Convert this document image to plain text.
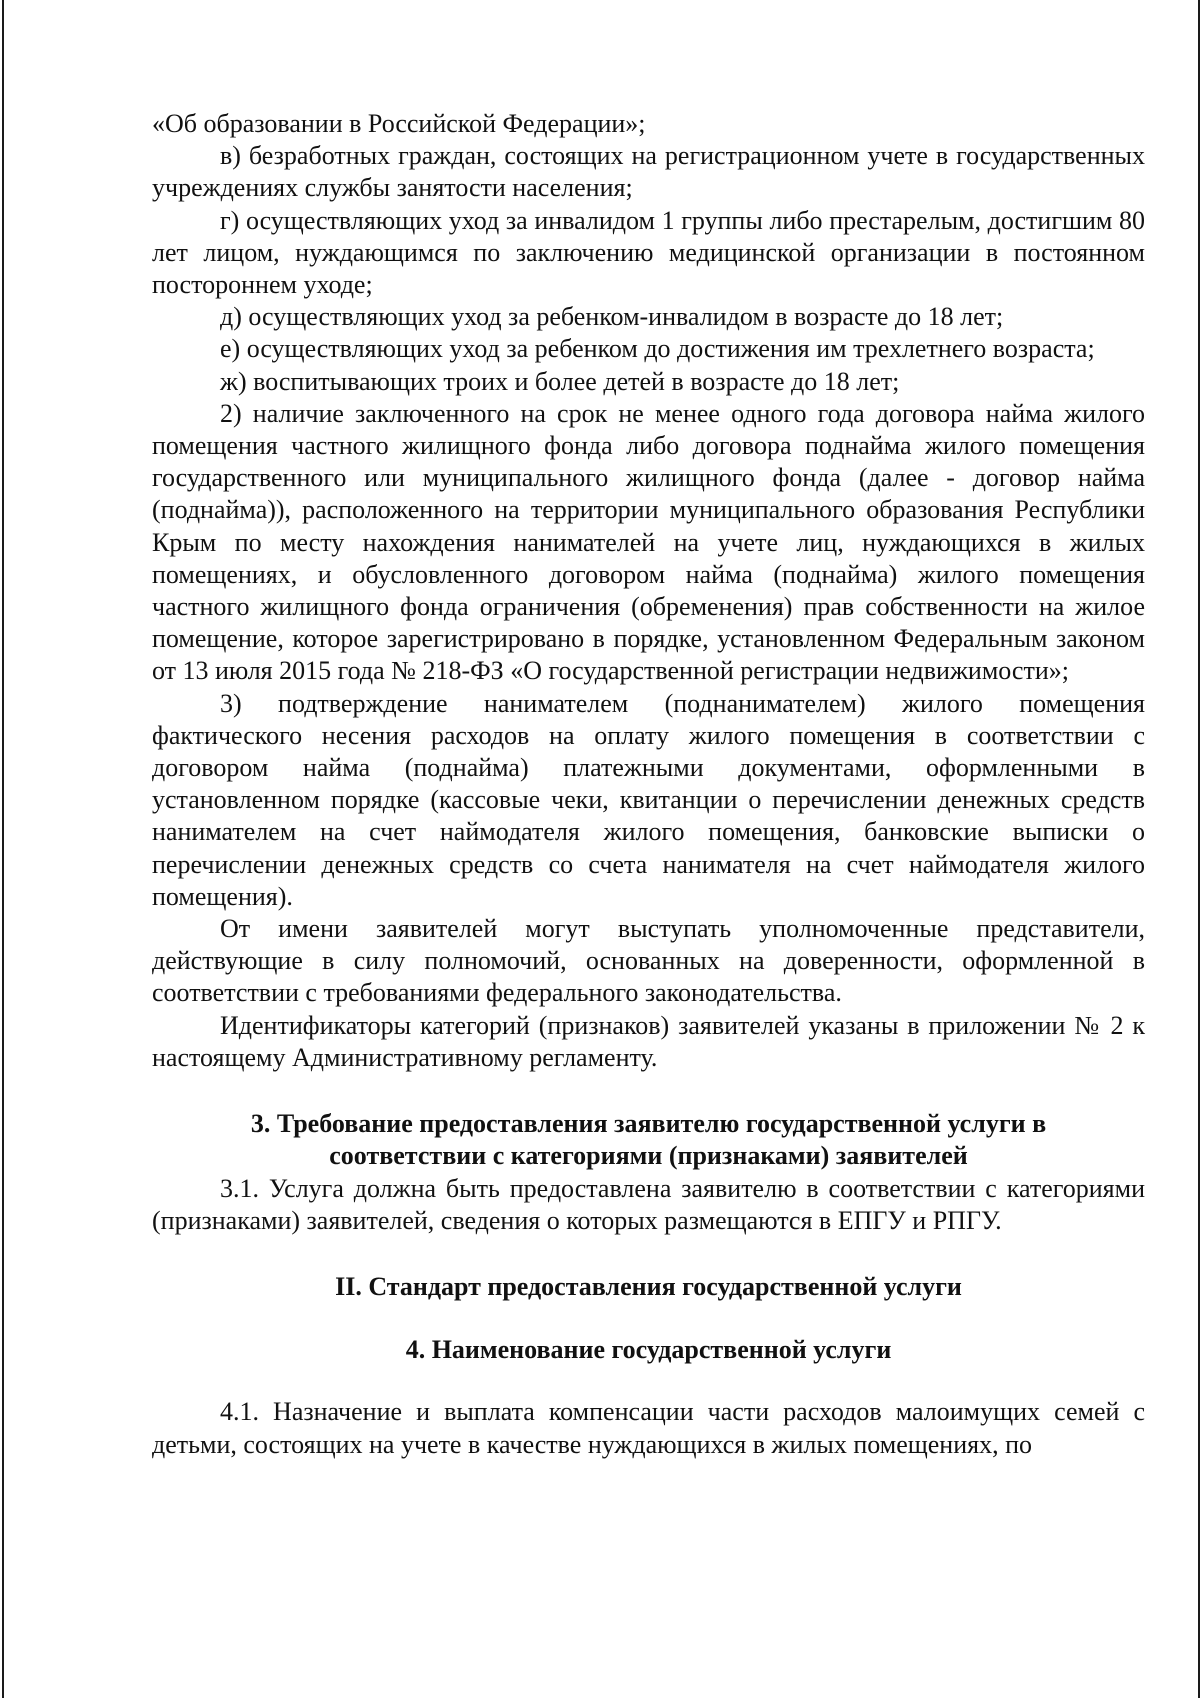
«Об образовании в Российской Федерации»;

в) безработных граждан, состоящих на регистрационном учете в государственных учреждениях службы занятости населения;

г) осуществляющих уход за инвалидом 1 группы либо престарелым, достигшим 80 лет лицом, нуждающимся по заключению медицинской организации в постоянном постороннем уходе;

д) осуществляющих уход за ребенком-инвалидом в возрасте до 18 лет;

е) осуществляющих уход за ребенком до достижения им трехлетнего возраста;

ж) воспитывающих троих и более детей в возрасте до 18 лет;

2) наличие заключенного на срок не менее одного года договора найма жилого помещения частного жилищного фонда либо договора поднайма жилого помещения государственного или муниципального жилищного фонда (далее - договор найма (поднайма)), расположенного на территории муниципального образования Республики Крым по месту нахождения нанимателей на учете лиц, нуждающихся в жилых помещениях, и обусловленного договором найма (поднайма) жилого помещения частного жилищного фонда ограничения (обременения) прав собственности на жилое помещение, которое зарегистрировано в порядке, установленном Федеральным законом от 13 июля 2015 года № 218-ФЗ «О государственной регистрации недвижимости»;

3) подтверждение нанимателем (поднанимателем) жилого помещения фактического несения расходов на оплату жилого помещения в соответствии с договором найма (поднайма) платежными документами, оформленными в установленном порядке (кассовые чеки, квитанции о перечислении денежных средств нанимателем на счет наймодателя жилого помещения, банковские выписки о перечислении денежных средств со счета нанимателя на счет наймодателя жилого помещения).

От имени заявителей могут выступать уполномоченные представители, действующие в силу полномочий, основанных на доверенности, оформленной в соответствии с требованиями федерального законодательства.

Идентификаторы категорий (признаков) заявителей указаны в приложении № 2 к настоящему Административному регламенту.

3. Требование предоставления заявителю государственной услуги в

соответствии с категориями (признаками) заявителей

3.1. Услуга должна быть предоставлена заявителю в соответствии с категориями (признаками) заявителей, сведения о которых размещаются в ЕПГУ и РПГУ.

II. Стандарт предоставления государственной услуги

4. Наименование государственной услуги

4.1. Назначение и выплата компенсации части расходов малоимущих семей с детьми, состоящих на учете в качестве нуждающихся в жилых помещениях, по
